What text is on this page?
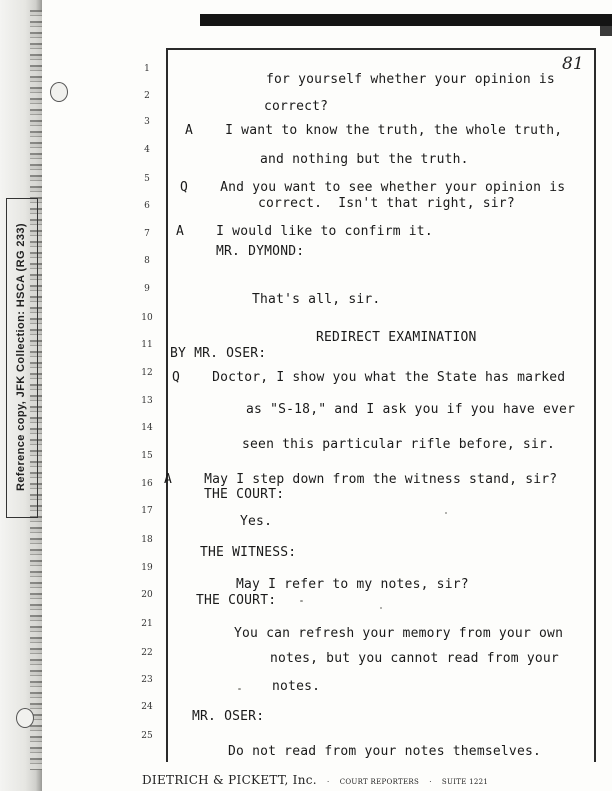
Reference copy, JFK Collection: HSCA (RG 233)
81
1
2
3
4
5
6
7
8
9
10
11
12
13
14
15
16
17
18
19
20
21
22
23
24
25
for yourself whether your opinion is
correct?
A    I want to know the truth, the whole truth,
and nothing but the truth.
Q    And you want to see whether your opinion is
correct.  Isn't that right, sir?
A    I would like to confirm it.
MR. DYMOND:
That's all, sir.
REDIRECT EXAMINATION
BY MR. OSER:
Q    Doctor, I show you what the State has marked
as "S-18," and I ask you if you have ever
seen this particular rifle before, sir.
A    May I step down from the witness stand, sir?
THE COURT:
Yes.
THE WITNESS:
May I refer to my notes, sir?
THE COURT:
You can refresh your memory from your own
notes, but you cannot read from your
notes.
MR. OSER:
Do not read from your notes themselves.
DIETRICH & PICKETT, Inc.   ·   COURT REPORTERS   ·   SUITE 1221
